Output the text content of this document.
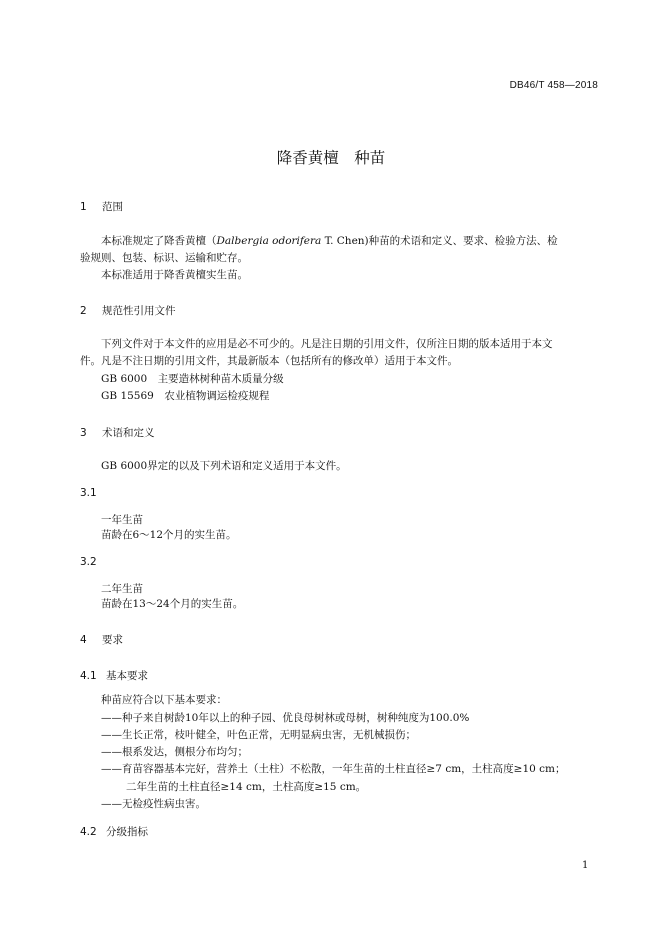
DB46/T 458—2018
降香黄檀　种苗
1 范围
本标准规定了降香黄檀（Dalbergia odorifera T. Chen)种苗的术语和定义、要求、检验方法、检
验规则、包装、标识、运输和贮存。
本标准适用于降香黄檀实生苗。
2 规范性引用文件
下列文件对于本文件的应用是必不可少的。凡是注日期的引用文件，仅所注日期的版本适用于本文
件。凡是不注日期的引用文件，其最新版本（包括所有的修改单）适用于本文件。
GB 6000　主要造林树种苗木质量分级
GB 15569　农业植物调运检疫规程
3 术语和定义
GB 6000界定的以及下列术语和定义适用于本文件。
3.1
一年生苗
苗龄在6～12个月的实生苗。
3.2
二年生苗
苗龄在13～24个月的实生苗。
4 要求
4.1 基本要求
种苗应符合以下基本要求：
——种子来自树龄10年以上的种子园、优良母树林或母树，树种纯度为100.0%
——生长正常，枝叶健全，叶色正常，无明显病虫害，无机械损伤；
——根系发达，侧根分布均匀；
——育苗容器基本完好，营养土（土柱）不松散，一年生苗的土柱直径≥7 cm，土柱高度≥10 cm；
二年生苗的土柱直径≥14 cm，土柱高度≥15 cm。
——无检疫性病虫害。
4.2 分级指标
1
